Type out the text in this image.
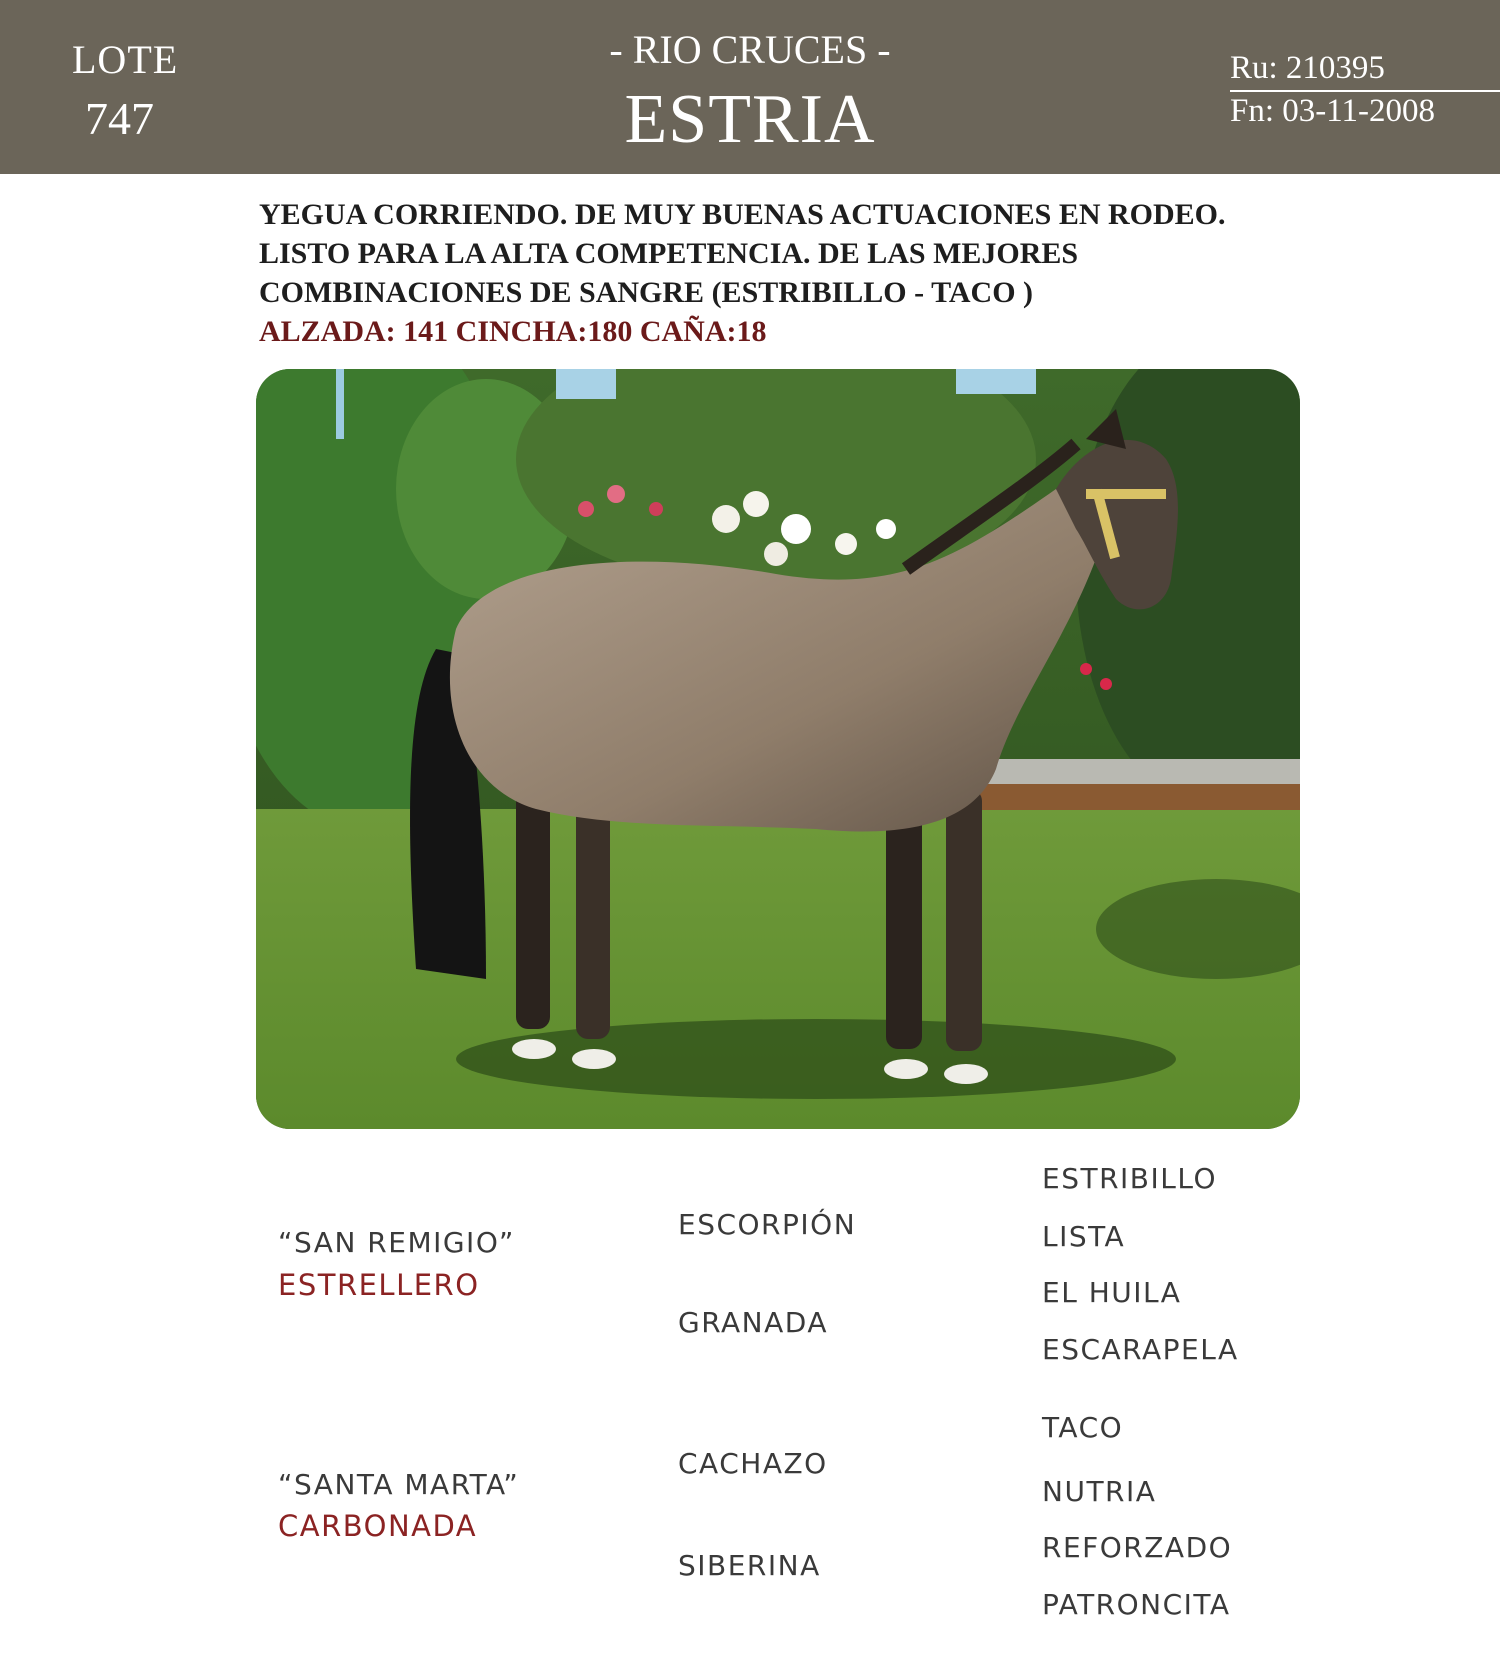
LOTE
747
- RIO CRUCES -
ESTRIA
Ru: 210395
Fn: 03-11-2008
YEGUA CORRIENDO. DE MUY BUENAS ACTUACIONES EN RODEO.
LISTO PARA LA ALTA COMPETENCIA. DE LAS MEJORES
COMBINACIONES DE SANGRE (ESTRIBILLO - TACO )
ALZADA: 141 CINCHA:180 CAÑA:18
“SAN REMIGIO”
ESTRELLERO
ESCORPIÓN
GRANADA
ESTRIBILLO
LISTA
EL HUILA
ESCARAPELA
“SANTA MARTA”
CARBONADA
CACHAZO
SIBERINA
TACO
NUTRIA
REFORZADO
PATRONCITA
